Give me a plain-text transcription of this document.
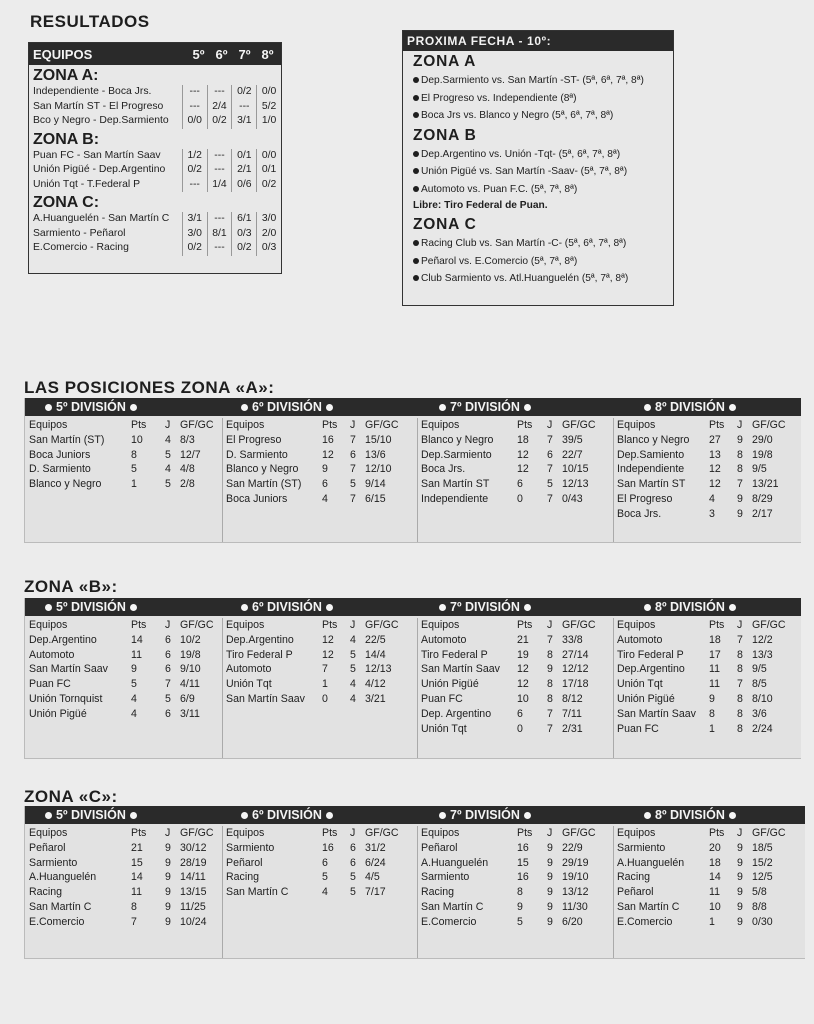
RESULTADOS
EQUIPOS	5º 6º 7º 8º
ZONA A:
Independiente - Boca Jrs.	---	---	0/2 0/0
San Martín ST - El Progreso	---	2/4	---	5/2
Bco y Negro - Dep.Sarmiento	0/0 0/2 3/1 1/0
ZONA B:
Puan FC - San Martín Saav	1/2	---	0/1 0/0
Unión Pigüé - Dep.Argentino	0/2	---	2/1 0/1
Unión Tqt - T.Federal P	---	1/4 0/6 0/2
ZONA C:
A.Huanguelén - San Martín C	3/1	---	6/1 3/0
Sarmiento - Peñarol	3/0 8/1 0/3 2/0
E.Comercio - Racing	0/2	---	0/2 0/3
PROXIMA FECHA - 10º:
ZONA A
Dep.Sarmiento vs. San Martín -ST- (5ª, 6ª, 7ª, 8ª)
El Progreso vs. Independiente (8ª)
Boca Jrs vs. Blanco y Negro (5ª, 6ª, 7ª, 8ª)
ZONA B
Dep.Argentino vs. Unión -Tqt- (5ª, 6ª, 7ª, 8ª)
Unión Pigüé vs. San Martín -Saav- (5ª, 7ª, 8ª)
Automoto vs. Puan F.C. (5ª, 7ª, 8ª)
Libre: Tiro Federal de Puan.
ZONA C
Racing Club vs. San Martín -C- (5ª, 6ª, 7ª, 8ª)
Peñarol vs. E.Comercio (5ª, 7ª, 8ª)
Club Sarmiento vs. Atl.Huanguelén (5ª, 7ª, 8ª)
LAS POSICIONES ZONA «A»:
5º DIVISIÓN	6º DIVISIÓN	7º DIVISIÓN	8º DIVISIÓN
Equipos	Pts J GF/GC
San Martín (ST)	10 4 8/3
Boca Juniors	8	5 12/7
D. Sarmiento	5	4 4/8
Blanco y Negro	1	5 2/8
Equipos	Pts J GF/GC
El Progreso	16 7 15/10
D. Sarmiento	12 6 13/6
Blanco y Negro 9 7 12/10
San Martín (ST) 6 5 9/14
Boca Juniors	4 7 6/15
Equipos	Pts J GF/GC
Blanco y Negro 18 7 39/5
Dep.Sarmiento 12 6 22/7
Boca Jrs.	12 7 10/15
San Martín ST	6 5 12/13
Independiente	0 7 0/43
Equipos	Pts J GF/GC
Blanco y Negro 27 9 29/0
Dep.Samiento 13 8 19/8
Independiente 12 8 9/5
San Martín ST 12 7 13/21
El Progreso	4 9 8/29
Boca Jrs.	3 9 2/17
ZONA «B»:
5º DIVISIÓN	6º DIVISIÓN	7º DIVISIÓN	8º DIVISIÓN
Equipos	Pts J GF/GC
Dep.Argentino	14 6 10/2
Automoto	11 6 19/8
San Martín Saav 9	6 9/10
Puan FC	5	7 4/11
Unión Tornquist	4	5 6/9
Unión Pigüé	4	6 3/11
Equipos	Pts J GF/GC
Dep.Argentino	12 4 22/5
Tiro Federal P	12 5 14/4
Automoto	7 5 12/13
Unión Tqt	1 4 4/12
San Martín Saav 0 4 3/21
Equipos	Pts J GF/GC
Automoto	21 7 33/8
Tiro Federal P	19 8 27/14
San Martín Saav 12 9 12/12
Unión Pigüé	12 8 17/18
Puan FC	10 8 8/12
Dep. Argentino 6 7 7/11
Unión Tqt	0 7 2/31
Equipos	Pts J GF/GC
Automoto	18 7 12/2
Tiro Federal P 17 8 13/3
Dep.Argentino 11 8 9/5
Unión Tqt	11 7 8/5
Unión Pigüé	9 8 8/10
San Martín Saav 8 8 3/6
Puan FC	1 8 2/24
ZONA «C»:
5º DIVISIÓN	6º DIVISIÓN	7º DIVISIÓN	8º DIVISIÓN
Equipos	Pts J GF/GC
Peñarol	21 9 30/12
Sarmiento	15 9 28/19
A.Huanguelén	14 9 14/11
Racing	11 9 13/15
San Martín C	8	9 11/25
E.Comercio	7	9 10/24
Equipos	Pts J GF/GC
Sarmiento	16 6 31/2
Peñarol	6 6 6/24
Racing	5 5 4/5
San Martín C	4 5 7/17
Equipos	Pts J GF/GC
Peñarol	16 9 22/9
A.Huanguelén	15 9 29/19
Sarmiento	16 9 19/10
Racing	8 9 13/12
San Martín C	9 9 11/30
E.Comercio	5 9 6/20
Equipos	Pts J GF/GC
Sarmiento	20 9 18/5
A.Huanguelén 18 9 15/2
Racing	14 9 12/5
Peñarol	11 9 5/8
San Martín C	10 9 8/8
E.Comercio	1 9 0/30
